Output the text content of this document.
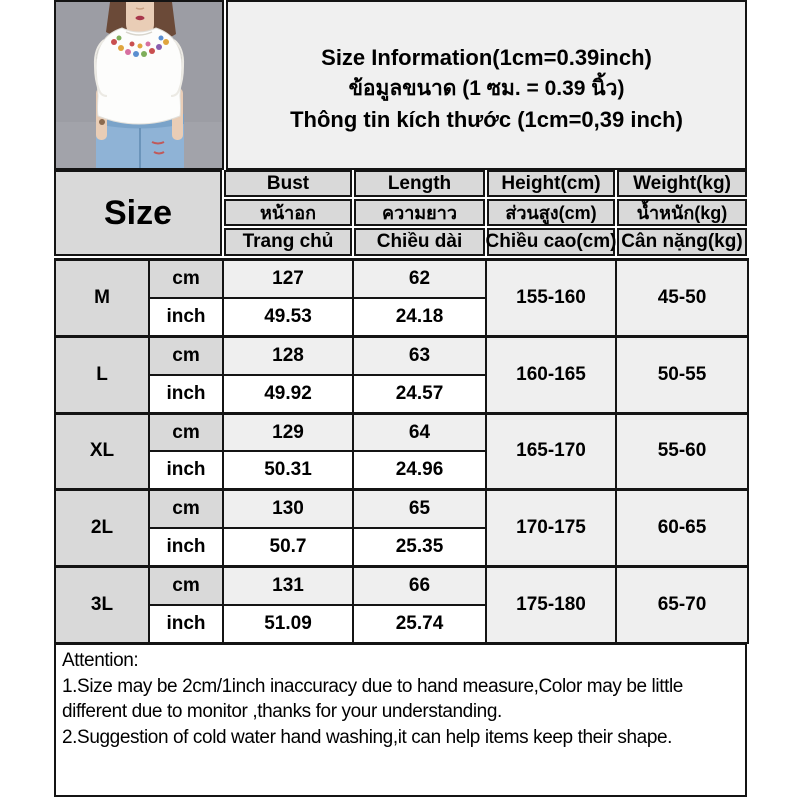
Size Information(1cm=0.39inch)
ข้อมูลขนาด (1 ซม. = 0.39 นิ้ว)
Thông tin kích thước (1cm=0,39 inch)
Size
Bust	Length	Height(cm)	Weight(kg)
หน้าอก	ความยาว	ส่วนสูง(cm)	น้ำหนัก(kg)
Trang chủ	Chiều dài	Chiều cao(cm) Cân nặng(kg)
M	cm	127	62	155-160	45-50
	inch	49.53	24.18		
L	cm	128	63	160-165	50-55
	inch	49.92	24.57		
XL	cm	129	64	165-170	55-60
	inch	50.31	24.96		
2L	cm	130	65	170-175	60-65
	inch	50.7	25.35		
3L	cm	131	66	175-180	65-70
	inch	51.09	25.74		
Attention:
1.Size may be 2cm/1inch inaccuracy due to hand measure,Color may be little different due to monitor ,thanks for your understanding.
2.Suggestion of cold water hand washing,it can help items keep their shape.
